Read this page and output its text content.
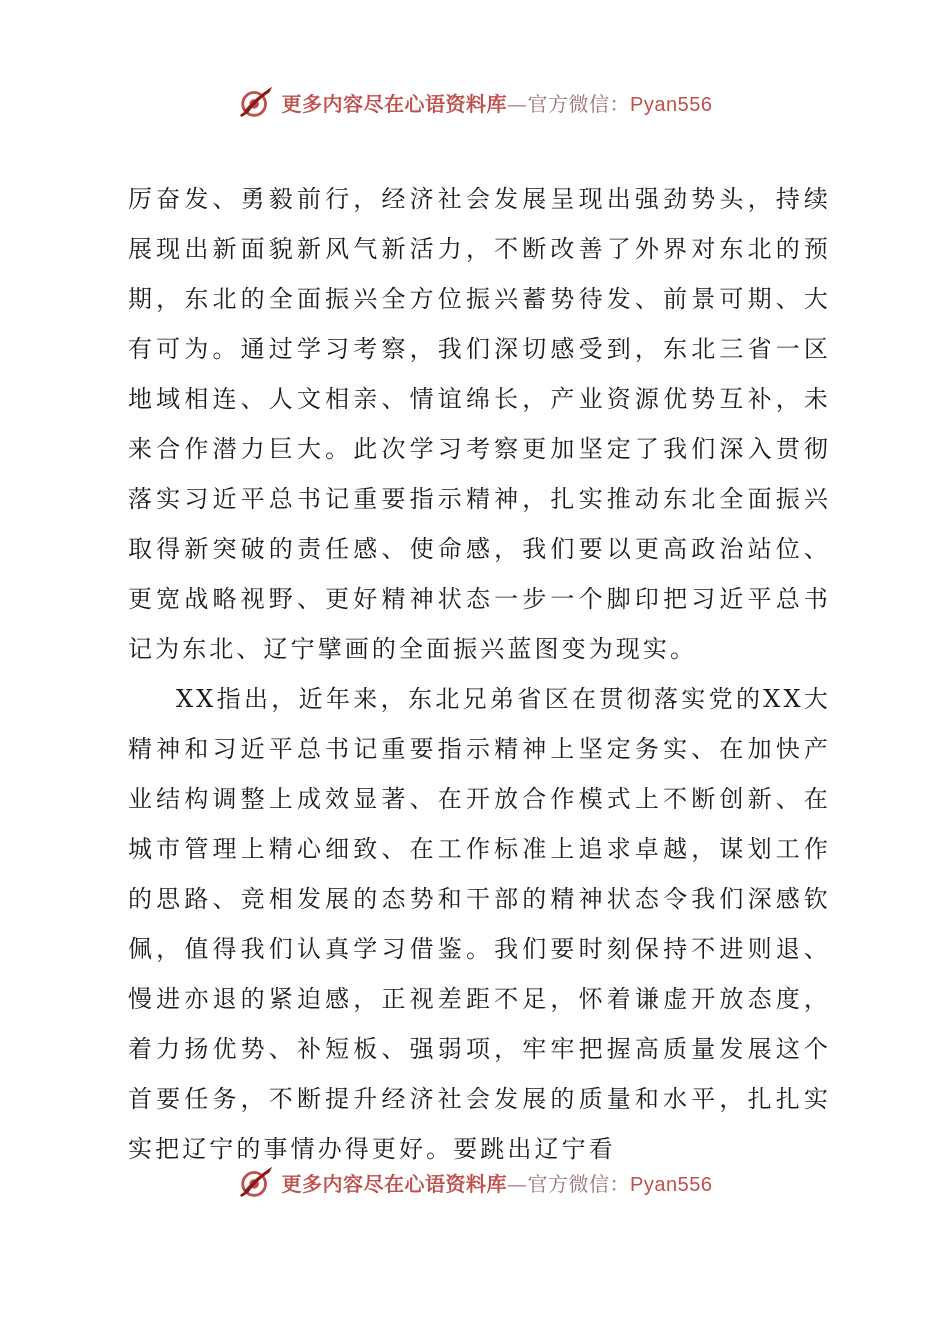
更多内容尽在心语资料库—官方微信：Pyan556

厉奋发、勇毅前行，经济社会发展呈现出强劲势头，持续展现出新面貌新风气新活力，不断改善了外界对东北的预期，东北的全面振兴全方位振兴蓄势待发、前景可期、大有可为。通过学习考察，我们深切感受到，东北三省一区地域相连、人文相亲、情谊绵长，产业资源优势互补，未来合作潜力巨大。此次学习考察更加坚定了我们深入贯彻落实习近平总书记重要指示精神，扎实推动东北全面振兴取得新突破的责任感、使命感，我们要以更高政治站位、更宽战略视野、更好精神状态一步一个脚印把习近平总书记为东北、辽宁擘画的全面振兴蓝图变为现实。

XX指出，近年来，东北兄弟省区在贯彻落实党的XX大精神和习近平总书记重要指示精神上坚定务实、在加快产业结构调整上成效显著、在开放合作模式上不断创新、在城市管理上精心细致、在工作标准上追求卓越，谋划工作的思路、竞相发展的态势和干部的精神状态令我们深感钦佩，值得我们认真学习借鉴。我们要时刻保持不进则退、慢进亦退的紧迫感，正视差距不足，怀着谦虚开放态度，着力扬优势、补短板、强弱项，牢牢把握高质量发展这个首要任务，不断提升经济社会发展的质量和水平，扎扎实实把辽宁的事情办得更好。要跳出辽宁看

更多内容尽在心语资料库—官方微信：Pyan556
